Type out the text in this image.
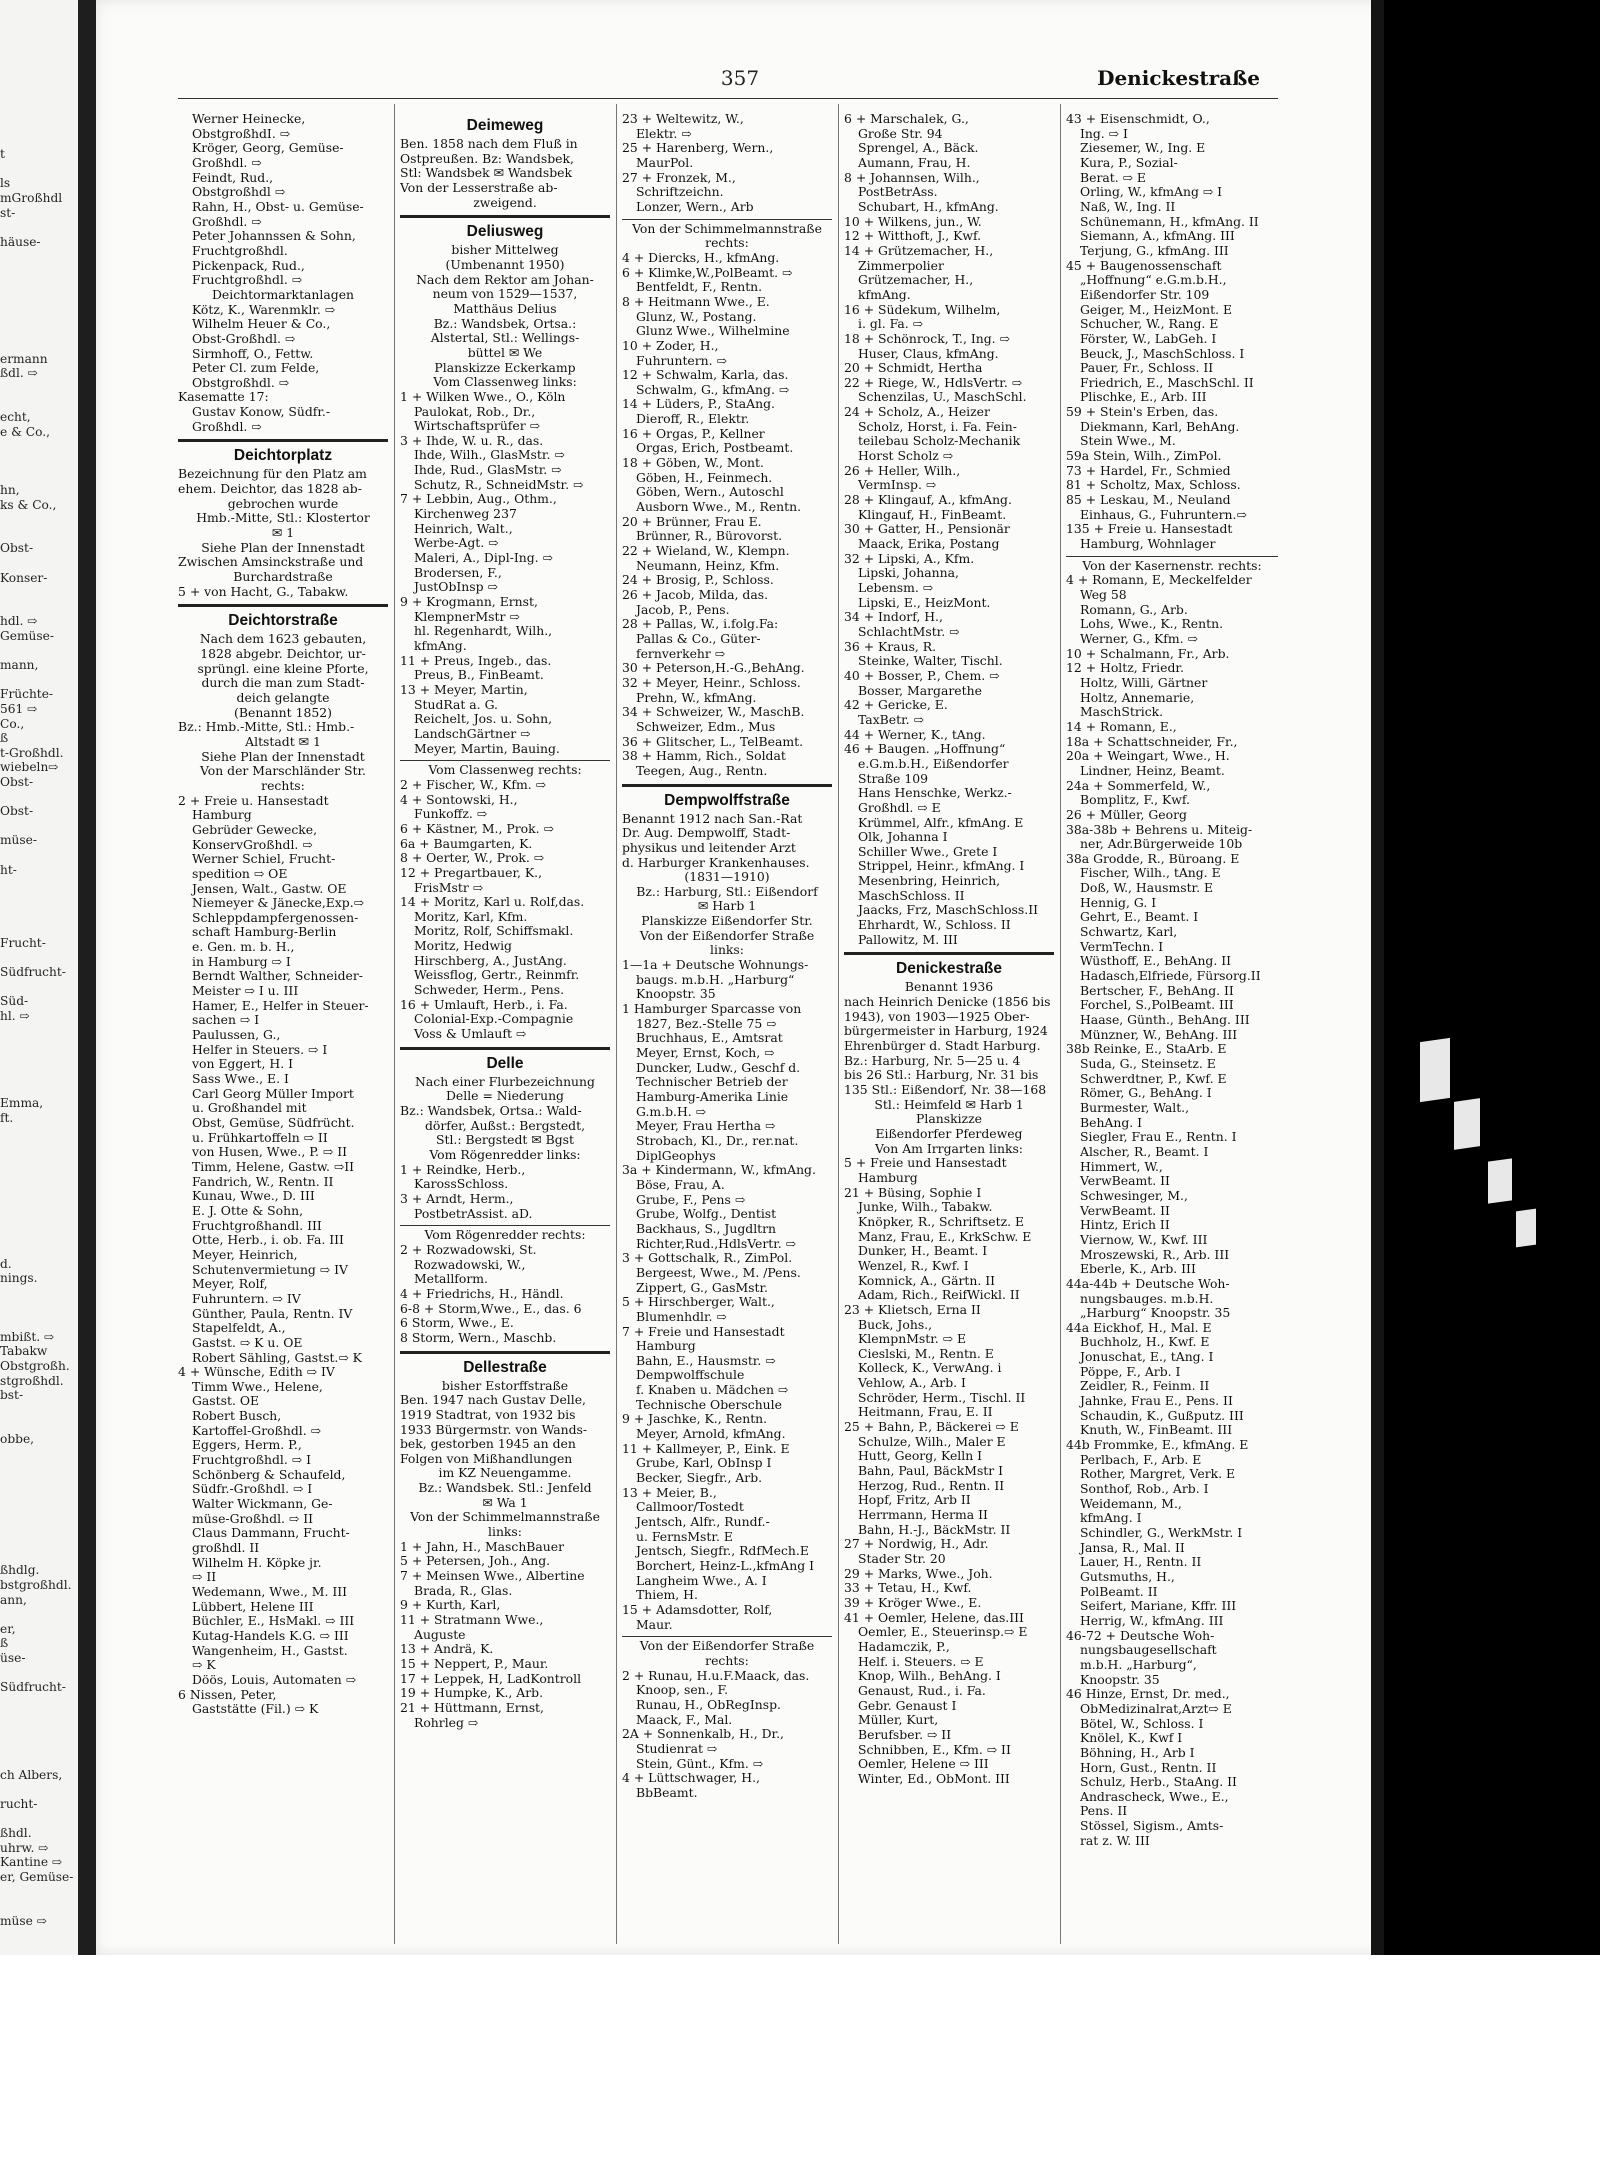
t
ls
mGroßhdl
st-
häuse-
ermann
ßdl. ⇨
echt,
e & Co.,
hn,
ks & Co.,
Obst-
Konser-
hdl. ⇨
Gemüse-
mann,
Früchte-
561 ⇨
Co.,
ß
t-Großhdl.
wiebeln⇨
Obst-
Obst-
müse-
ht-
Frucht-
Südfrucht-
Süd-
hl. ⇨
Emma,
ft.
d.
nings.
mbißt. ⇨
Tabakw
Obstgroßh.
stgroßhdl.
bst-
obbe,
ßhdlg.
bstgroßhdl.
ann,
er,
ß
üse-
Südfrucht-
ch Albers,
rucht-
ßhdl.
uhrw. ⇨
Kantine ⇨
er, Gemüse-
müse ⇨
357	Denickestraße
Werner Heinecke,
ObstgroßhdI. ⇨
Kröger, Georg, Gemüse-
Großhdl. ⇨
Feindt, Rud.,
Obstgroßhdl ⇨
Rahn, H., Obst- u. Gemüse-
Großhdl. ⇨
Peter Johannssen & Sohn,
Fruchtgroßhdl.
Pickenpack, Rud.,
Fruchtgroßhdl. ⇨
Deichtormarktanlagen
Kötz, K., Warenmklr. ⇨
Wilhelm Heuer & Co.,
Obst-Großhdl. ⇨
Sirmhoff, O., Fettw.
Peter Cl. zum Felde,
Obstgroßhdl. ⇨
Kasematte 17:
Gustav Konow, Südfr.-
Großhdl. ⇨
Deichtorplatz
Bezeichnung für den Platz am
ehem. Deichtor, das 1828 ab-
gebrochen wurde
Hmb.-Mitte, Stl.: Klostertor
✉ 1
Siehe Plan der Innenstadt
Zwischen Amsinckstraße und
Burchardstraße
5 + von Hacht, G., Tabakw.
Deichtorstraße
Nach dem 1623 gebauten,
1828 abgebr. Deichtor, ur-
sprüngl. eine kleine Pforte,
durch die man zum Stadt-
deich gelangte
(Benannt 1852)
Bz.: Hmb.-Mitte, Stl.: Hmb.-
Altstadt ✉ 1
Siehe Plan der Innenstadt
Von der Marschländer Str.
rechts:
2 + Freie u. Hansestadt
Hamburg
Gebrüder Gewecke,
KonservGroßhdl. ⇨
Werner Schiel, Frucht-
spedition ⇨ OE
Jensen, Walt., Gastw. OE
Niemeyer & Jänecke,Exp.⇨
Schleppdampfergenossen-
schaft Hamburg-Berlin
e. Gen. m. b. H.,
in Hamburg ⇨ I
Berndt Walther, Schneider-
Meister ⇨ I u. III
Hamer, E., Helfer in Steuer-
sachen ⇨ I
Paulussen, G.,
Helfer in Steuers. ⇨ I
von Eggert, H. I
Sass Wwe., E. I
Carl Georg Müller Import
u. Großhandel mit
Obst, Gemüse, Südfrücht.
u. Frühkartoffeln ⇨ II
von Husen, Wwe., P. ⇨ II
Timm, Helene, Gastw. ⇨II
Fandrich, W., Rentn. II
Kunau, Wwe., D. III
E. J. Otte & Sohn,
Fruchtgroßhandl. III
Otte, Herb., i. ob. Fa. III
Meyer, Heinrich,
Schutenvermietung ⇨ IV
Meyer, Rolf,
Fuhruntern. ⇨ IV
Günther, Paula, Rentn. IV
Stapelfeldt, A.,
Gastst. ⇨ K u. OE
Robert Sähling, Gastst.⇨ K
4 + Wünsche, Edith ⇨ IV
Timm Wwe., Helene,
Gastst. OE
Robert Busch,
Kartoffel-Großhdl. ⇨
Eggers, Herm. P.,
Fruchtgroßhdl. ⇨ I
Schönberg & Schaufeld,
Südfr.-Großhdl. ⇨ I
Walter Wickmann, Ge-
müse-Großhdl. ⇨ II
Claus Dammann, Frucht-
großhdl. II
Wilhelm H. Köpke jr.
⇨ II
Wedemann, Wwe., M. III
Lübbert, Helene III
Büchler, E., HsMakl. ⇨ III
Kutag-Handels K.G. ⇨ III
Wangenheim, H., Gastst.
⇨ K
Döös, Louis, Automaten ⇨
6 Nissen, Peter,
Gaststätte (Fil.) ⇨ K
Deimeweg
Ben. 1858 nach dem Fluß in
Ostpreußen. Bz: Wandsbek,
Stl: Wandsbek ✉ Wandsbek
Von der Lesserstraße ab-
zweigend.
Deliusweg
bisher Mittelweg
(Umbenannt 1950)
Nach dem Rektor am Johan-
neum von 1529—1537,
Matthäus Delius
Bz.: Wandsbek, Ortsa.:
Alstertal, Stl.: Wellings-
büttel ✉ We
Planskizze Eckerkamp
Vom Classenweg links:
1 + Wilken Wwe., O., Köln
Paulokat, Rob., Dr.,
Wirtschaftsprüfer ⇨
3 + Ihde, W. u. R., das.
Ihde, Wilh., GlasMstr. ⇨
Ihde, Rud., GlasMstr. ⇨
Schutz, R., SchneidMstr. ⇨
7 + Lebbin, Aug., Othm.,
Kirchenweg 237
Heinrich, Walt.,
Werbe-Agt. ⇨
Maleri, A., Dipl-Ing. ⇨
Brodersen, F.,
JustObInsp ⇨
9 + Krogmann, Ernst,
KlempnerMstr ⇨
hl. Regenhardt, Wilh.,
kfmAng.
11 + Preus, Ingeb., das.
Preus, B., FinBeamt.
13 + Meyer, Martin,
StudRat a. G.
Reichelt, Jos. u. Sohn,
LandschGärtner ⇨
Meyer, Martin, Bauing.
Vom Classenweg rechts:
2 + Fischer, W., Kfm. ⇨
4 + Sontowski, H.,
Funkoffz. ⇨
6 + Kästner, M., Prok. ⇨
6a + Baumgarten, K.
8 + Oerter, W., Prok. ⇨
12 + Pregartbauer, K.,
FrisMstr ⇨
14 + Moritz, Karl u. Rolf,das.
Moritz, Karl, Kfm.
Moritz, Rolf, Schiffsmakl.
Moritz, Hedwig
Hirschberg, A., JustAng.
Weissflog, Gertr., Reinmfr.
Schweder, Herm., Pens.
16 + Umlauft, Herb., i. Fa.
Colonial-Exp.-Compagnie
Voss & Umlauft ⇨
Delle
Nach einer Flurbezeichnung
Delle = Niederung
Bz.: Wandsbek, Ortsa.: Wald-
dörfer, Außst.: Bergstedt,
Stl.: Bergstedt ✉ Bgst
Vom Rögenredder links:
1 + Reindke, Herb.,
KarossSchloss.
3 + Arndt, Herm.,
PostbetrAssist. aD.
Vom Rögenredder rechts:
2 + Rozwadowski, St.
Rozwadowski, W.,
Metallform.
4 + Friedrichs, H., Händl.
6-8 + Storm,Wwe., E., das. 6
6 Storm, Wwe., E.
8 Storm, Wern., Maschb.
Dellestraße
bisher Estorffstraße
Ben. 1947 nach Gustav Delle,
1919 Stadtrat, von 1932 bis
1933 Bürgermstr. von Wands-
bek, gestorben 1945 an den
Folgen von Mißhandlungen
im KZ Neuengamme.
Bz.: Wandsbek. Stl.: Jenfeld
✉ Wa 1
Von der Schimmelmannstraße
links:
1 + Jahn, H., MaschBauer
5 + Petersen, Joh., Ang.
7 + Meinsen Wwe., Albertine
Brada, R., Glas.
9 + Kurth, Karl,
11 + Stratmann Wwe.,
Auguste
13 + Andrä, K.
15 + Neppert, P., Maur.
17 + Leppek, H, LadKontroll
19 + Humpke, K., Arb.
21 + Hüttmann, Ernst,
Rohrleg ⇨
23 + Weltewitz, W.,
Elektr. ⇨
25 + Harenberg, Wern.,
MaurPol.
27 + Fronzek, M.,
Schriftzeichn.
Lonzer, Wern., Arb
Von der Schimmelmannstraße
rechts:
4 + Diercks, H., kfmAng.
6 + Klimke,W.,PolBeamt. ⇨
Bentfeldt, F., Rentn.
8 + Heitmann Wwe., E.
Glunz, W., Postang.
Glunz Wwe., Wilhelmine
10 + Zoder, H.,
Fuhruntern. ⇨
12 + Schwalm, Karla, das.
Schwalm, G., kfmAng. ⇨
14 + Lüders, P., StaAng.
Dieroff, R., Elektr.
16 + Orgas, P., Kellner
Orgas, Erich, Postbeamt.
18 + Göben, W., Mont.
Göben, H., Feinmech.
Göben, Wern., Autoschl
Ausborn Wwe., M., Rentn.
20 + Brünner, Frau E.
Brünner, R., Bürovorst.
22 + Wieland, W., Klempn.
Neumann, Heinz, Kfm.
24 + Brosig, P., Schloss.
26 + Jacob, Milda, das.
Jacob, P., Pens.
28 + Pallas, W., i.folg.Fa:
Pallas & Co., Güter-
fernverkehr ⇨
30 + Peterson,H.-G.,BehAng.
32 + Meyer, Heinr., Schloss.
Prehn, W., kfmAng.
34 + Schweizer, W., MaschB.
Schweizer, Edm., Mus
36 + Glitscher, L., TelBeamt.
38 + Hamm, Rich., Soldat
Teegen, Aug., Rentn.
Dempwolffstraße
Benannt 1912 nach San.-Rat
Dr. Aug. Dempwolff, Stadt-
physikus und leitender Arzt
d. Harburger Krankenhauses.
(1831—1910)
Bz.: Harburg, Stl.: Eißendorf
✉ Harb 1
Planskizze Eißendorfer Str.
Von der Eißendorfer Straße
links:
1—1a + Deutsche Wohnungs-
baugs. m.b.H. „Harburg“
Knoopstr. 35
1 Hamburger Sparcasse von
1827, Bez.-Stelle 75 ⇨
Bruchhaus, E., Amtsrat
Meyer, Ernst, Koch, ⇨
Duncker, Ludw., Geschf d.
Technischer Betrieb der
Hamburg-Amerika Linie
G.m.b.H. ⇨
Meyer, Frau Hertha ⇨
Strobach, Kl., Dr., rer.nat.
DiplGeophys
3a + Kindermann, W., kfmAng.
Böse, Frau, A.
Grube, F., Pens ⇨
Grube, Wolfg., Dentist
Backhaus, S., Jugdltrn
Richter,Rud.,HdlsVertr. ⇨
3 + Gottschalk, R., ZimPol.
Bergeest, Wwe., M. /Pens.
Zippert, G., GasMstr.
5 + Hirschberger, Walt.,
Blumenhdlr. ⇨
7 + Freie und Hansestadt
Hamburg
Bahn, E., Hausmstr. ⇨
Dempwolffschule
f. Knaben u. Mädchen ⇨
Technische Oberschule
9 + Jaschke, K., Rentn.
Meyer, Arnold, kfmAng.
11 + Kallmeyer, P., Eink. E
Grube, Karl, ObInsp I
Becker, Siegfr., Arb.
13 + Meier, B.,
Callmoor/Tostedt
Jentsch, Alfr., Rundf.-
u. FernsMstr. E
Jentsch, Siegfr., RdfMech.E
Borchert, Heinz-L.,kfmAng I
Langheim Wwe., A. I
Thiem, H.
15 + Adamsdotter, Rolf,
Maur.
Von der Eißendorfer Straße
rechts:
2 + Runau, H.u.F.Maack, das.
Knoop, sen., F.
Runau, H., ObRegInsp.
Maack, F., Mal.
2A + Sonnenkalb, H., Dr.,
Studienrat ⇨
Stein, Günt., Kfm. ⇨
4 + Lüttschwager, H.,
BbBeamt.
6 + Marschalek, G.,
Große Str. 94
Sprengel, A., Bäck.
Aumann, Frau, H.
8 + Johannsen, Wilh.,
PostBetrAss.
Schubart, H., kfmAng.
10 + Wilkens, jun., W.
12 + Witthoft, J., Kwf.
14 + Grützemacher, H.,
Zimmerpolier
Grützemacher, H.,
kfmAng.
16 + Südekum, Wilhelm,
i. gl. Fa. ⇨
18 + Schönrock, T., Ing. ⇨
Huser, Claus, kfmAng.
20 + Schmidt, Hertha
22 + Riege, W., HdlsVertr. ⇨
Schenzilas, U., MaschSchl.
24 + Scholz, A., Heizer
Scholz, Horst, i. Fa. Fein-
teilebau Scholz-Mechanik
Horst Scholz ⇨
26 + Heller, Wilh.,
VermInsp. ⇨
28 + Klingauf, A., kfmAng.
Klingauf, H., FinBeamt.
30 + Gatter, H., Pensionär
Maack, Erika, Postang
32 + Lipski, A., Kfm.
Lipski, Johanna,
Lebensm. ⇨
Lipski, E., HeizMont.
34 + Indorf, H.,
SchlachtMstr. ⇨
36 + Kraus, R.
Steinke, Walter, Tischl.
40 + Bosser, P., Chem. ⇨
Bosser, Margarethe
42 + Gericke, E.
TaxBetr. ⇨
44 + Werner, K., tAng.
46 + Baugen. „Hoffnung“
e.G.m.b.H., Eißendorfer
Straße 109
Hans Henschke, Werkz.-
Großhdl. ⇨ E
Krümmel, Alfr., kfmAng. E
Olk, Johanna I
Schiller Wwe., Grete I
Strippel, Heinr., kfmAng. I
Mesenbring, Heinrich,
MaschSchloss. II
Jaacks, Frz, MaschSchloss.II
Ehrhardt, W., Schloss. II
Pallowitz, M. III
Denickestraße
Benannt 1936
nach Heinrich Denicke (1856 bis
1943), von 1903—1925 Ober-
bürgermeister in Harburg, 1924
Ehrenbürger d. Stadt Harburg.
Bz.: Harburg, Nr. 5—25 u. 4
bis 26 Stl.: Harburg, Nr. 31 bis
135 Stl.: Eißendorf, Nr. 38—168
Stl.: Heimfeld ✉ Harb 1
Planskizze
Eißendorfer Pferdeweg
Von Am Irrgarten links:
5 + Freie und Hansestadt
Hamburg
21 + Büsing, Sophie I
Junke, Wilh., Tabakw.
Knöpker, R., Schriftsetz. E
Manz, Frau, E., KrkSchw. E
Dunker, H., Beamt. I
Wenzel, R., Kwf. I
Komnick, A., Gärtn. II
Adam, Rich., ReifWickl. II
23 + Klietsch, Erna II
Buck, Johs.,
KlempnMstr. ⇨ E
Cieslski, M., Rentn. E
Kolleck, K., VerwAng. i
Vehlow, A., Arb. I
Schröder, Herm., Tischl. II
Heitmann, Frau, E. II
25 + Bahn, P., Bäckerei ⇨ E
Schulze, Wilh., Maler E
Hutt, Georg, Kelln I
Bahn, Paul, BäckMstr I
Herzog, Rud., Rentn. II
Hopf, Fritz, Arb II
Herrmann, Herma II
Bahn, H.-J., BäckMstr. II
27 + Nordwig, H., Adr.
Stader Str. 20
29 + Marks, Wwe., Joh.
33 + Tetau, H., Kwf.
39 + Kröger Wwe., E.
41 + Oemler, Helene, das.III
Oemler, E., Steuerinsp.⇨ E
Hadamczik, P.,
Helf. i. Steuers. ⇨ E
Knop, Wilh., BehAng. I
Genaust, Rud., i. Fa.
Gebr. Genaust I
Müller, Kurt,
Berufsber. ⇨ II
Schnibben, E., Kfm. ⇨ II
Oemler, Helene ⇨ III
Winter, Ed., ObMont. III
43 + Eisenschmidt, O.,
Ing. ⇨ I
Ziesemer, W., Ing. E
Kura, P., Sozial-
Berat. ⇨ E
Orling, W., kfmAng ⇨ I
Naß, W., Ing. II
Schünemann, H., kfmAng. II
Siemann, A., kfmAng. III
Terjung, G., kfmAng. III
45 + Baugenossenschaft
„Hoffnung“ e.G.m.b.H.,
Eißendorfer Str. 109
Geiger, M., HeizMont. E
Schucher, W., Rang. E
Förster, W., LabGeh. I
Beuck, J., MaschSchloss. I
Pauer, Fr., Schloss. II
Friedrich, E., MaschSchl. II
Plischke, E., Arb. III
59 + Stein's Erben, das.
Diekmann, Karl, BehAng.
Stein Wwe., M.
59a Stein, Wilh., ZimPol.
73 + Hardel, Fr., Schmied
81 + Scholtz, Max, Schloss.
85 + Leskau, M., Neuland
Einhaus, G., Fuhruntern.⇨
135 + Freie u. Hansestadt
Hamburg, Wohnlager
Von der Kasernenstr. rechts:
4 + Romann, E, Meckelfelder
Weg 58
Romann, G., Arb.
Lohs, Wwe., K., Rentn.
Werner, G., Kfm. ⇨
10 + Schalmann, Fr., Arb.
12 + Holtz, Friedr.
Holtz, Willi, Gärtner
Holtz, Annemarie,
MaschStrick.
14 + Romann, E.,
18a + Schattschneider, Fr.,
20a + Weingart, Wwe., H.
Lindner, Heinz, Beamt.
24a + Sommerfeld, W.,
Bomplitz, F., Kwf.
26 + Müller, Georg
38a-38b + Behrens u. Miteig-
ner, Adr.Bürgerweide 10b
38a Grodde, R., Büroang. E
Fischer, Wilh., tAng. E
Doß, W., Hausmstr. E
Hennig, G. I
Gehrt, E., Beamt. I
Schwartz, Karl,
VermTechn. I
Wüsthoff, E., BehAng. II
Hadasch,Elfriede, Fürsorg.II
Bertscher, F., BehAng. II
Forchel, S.,PolBeamt. III
Haase, Günth., BehAng. III
Münzner, W., BehAng. III
38b Reinke, E., StaArb. E
Suda, G., Steinsetz. E
Schwerdtner, P., Kwf. E
Römer, G., BehAng. I
Burmester, Walt.,
BehAng. I
Siegler, Frau E., Rentn. I
Alscher, R., Beamt. I
Himmert, W.,
VerwBeamt. II
Schwesinger, M.,
VerwBeamt. II
Hintz, Erich II
Viernow, W., Kwf. III
Mroszewski, R., Arb. III
Eberle, K., Arb. III
44a-44b + Deutsche Woh-
nungsbauges. m.b.H.
„Harburg“ Knoopstr. 35
44a Eickhof, H., Mal. E
Buchholz, H., Kwf. E
Jonuschat, E., tAng. I
Pöppe, F., Arb. I
Zeidler, R., Feinm. II
Jahnke, Frau E., Pens. II
Schaudin, K., Gußputz. III
Knuth, W., FinBeamt. III
44b Frommke, E., kfmAng. E
Perlbach, F., Arb. E
Rother, Margret, Verk. E
Sonthof, Rob., Arb. I
Weidemann, M.,
kfmAng. I
Schindler, G., WerkMstr. I
Jansa, R., Mal. II
Lauer, H., Rentn. II
Gutsmuths, H.,
PolBeamt. II
Seifert, Mariane, Kffr. III
Herrig, W., kfmAng. III
46-72 + Deutsche Woh-
nungsbaugesellschaft
m.b.H. „Harburg“,
Knoopstr. 35
46 Hinze, Ernst, Dr. med.,
ObMedizinalrat,Arzt⇨ E
Bötel, W., Schloss. I
Knölel, K., Kwf I
Böhning, H., Arb I
Horn, Gust., Rentn. II
Schulz, Herb., StaAng. II
Andrascheck, Wwe., E.,
Pens. II
Stössel, Sigism., Amts-
rat z. W. III
